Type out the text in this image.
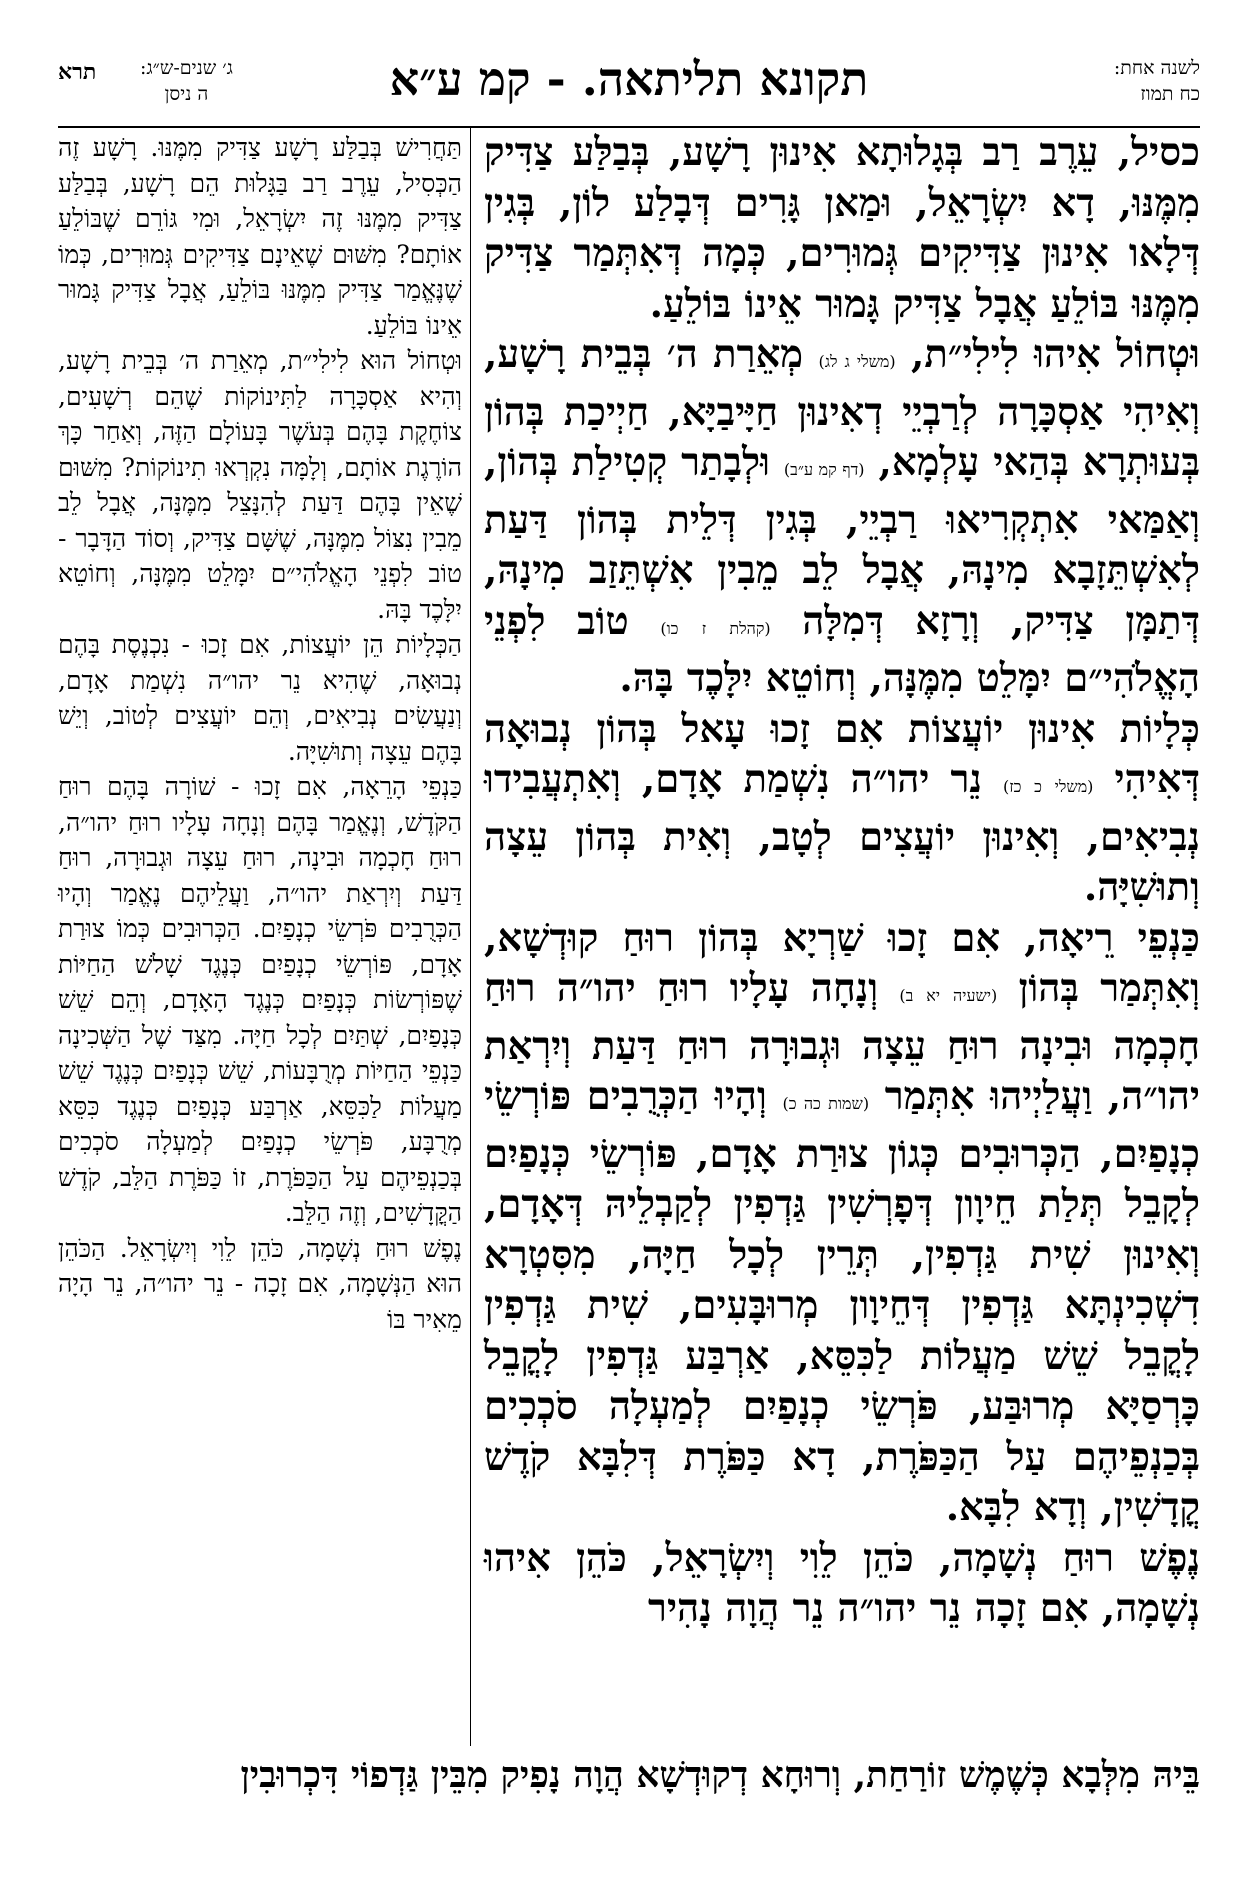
תרא ג׳ שנים-ש״ג:
ה ניסן	תקונא תליתאה. - קמ ע״א	לשנה אחת:
כח תמוז

כסיל, עֵרֶב רַב בְּגָלוּתָא אִינוּן רָשָׁע, בְּבַלַּע צַדִּיק מִמֶּנּוּ, דָא יִשְׂרָאֵל, וּמַאן גָּרִים דְּבָלַע לוֹן, בְּגִין דְּלָאו אִינוּן צַדִּיקִים גְּמוּרִים, כְּמָה דְּאִתְּמַר צַדִּיק מִמֶּנּוּ בּוֹלֵעַ אֲבָל צַדִּיק גָּמוּר אֵינוֹ בּוֹלֵעַ.

וּטְחוֹל אִיהוּ לִילִי״ת, (משלי ג לג) מְאֵרַת ה׳ בְּבֵית רָשָׁע, וְאִיהִי אַסְכָּרָה לְרַבְיֵי דְאִינוּן חַיָּיבַיָּא, חַיְיכַת בְּהוֹן בְּעוּתְרָא בְּהַאי עָלְמָא, (דף קמ ע״ב) וּלְבָתַר קְטִילַת בְּהוֹן, וְאַמַּאי אִתְקְרִיאוּ רַבְיֵי, בְּגִין דְּלֵית בְּהוֹן דַּעַת לְאִשְׁתֵּזָבָא מִינָהּ, אֲבָל לֵב מֵבִין אִשְׁתֵּזַב מִינָהּ, דְּתַמָּן צַדִּיק, וְרָזָא דְּמִלָּה (קהלת ז כו) טוֹב לִפְנֵי הָאֱלֹהִי״ם יִמָּלֵט מִמֶּנָּה, וְחוֹטֵא יִלָּכֶד בָּהּ.

כְּלָיוֹת אִינוּן יוֹעֲצוֹת אִם זָכוּ עָאל בְּהוֹן נְבוּאָה דְּאִיהִי (משלי כ כז) נֵר יהו״ה נִשְׁמַת אָדָם, וְאִתְעֲבִידוּ נְבִיאִים, וְאִינוּן יוֹעֲצִים לְטָב, וְאִית בְּהוֹן עֵצָה וְתוּשִׁיָּה.

כַּנְפֵי רֵיאָה, אִם זָכוּ שַׁרְיָא בְּהוֹן רוּחַ קוּדְשָׁא, וְאִתְּמַר בְּהוֹן (ישעיה יא ב) וְנָחָה עָלָיו רוּחַ יהו״ה רוּחַ חָכְמָה וּבִינָה רוּחַ עֵצָה וּגְבוּרָה רוּחַ דַּעַת וְיִרְאַת יהו״ה, וַעֲלַיְיהוּ אִתְּמַר (שמות כה כ) וְהָיוּ הַכְּרֻבִים פּוֹרְשֵׂי כְנָפַיִם, הַכְּרוּבִים כְּגוֹן צוּרַת אָדָם, פּוֹרְשֵׂי כְּנָפַיִם לְקָבֵל תְּלַת חֵיוָון דְּפָרְשִׁין גַּדְפִין לְקַבְלֵיהּ דְּאָדָם, וְאִינוּן שִׁית גַּדְפִין, תְּרֵין לְכָל חַיָּה, מִסִּטְרָא דִשְׁכִינְתָּא גַּדְפִין דְּחֵיוָון מְרוּבָּעִים, שִׁית גַּדְפִין לָקֳבֵל שֵׁשׁ מַעֲלוֹת לַכִּסֵּא, אַרְבַּע גַּדְפִין לָקֳבֵל כָּרְסַיָּא מְרוּבַּע, פֹּרְשֵׂי כְנָפַיִם לְמַעְלָה סֹכְכִים בְּכַנְפֵיהֶם עַל הַכַּפֹּרֶת, דָא כַּפֹּרֶת דְּלִבָּא קֹדֶשׁ קֳדָשִׁין, וְדָא לִבָּא.

נֶפֶשׁ רוּחַ נְשָׁמָה, כֹּהֵן לֵוִי וְיִשְׂרָאֵל, כֹּהֵן אִיהוּ נְשָׁמָה, אִם זָכָה נֵר יהו״ה נֵר הֲוָה נָהִיר

תַּחֲרִישׁ בְּבַלַּע רָשָׁע צַדִּיק מִמֶּנּוּ. רָשָׁע זֶה הַכְּסִיל, עֵרֶב רַב בַּגָּלוּת הֵם רָשָׁע, בְּבַלַּע צַדִּיק מִמֶּנּוּ זֶה יִשְׂרָאֵל, וּמִי גּוֹרֵם שֶׁבּוֹלֵעַ אוֹתָם? מִשּׁוּם שֶׁאֵינָם צַדִּיקִים גְּמוּרִים, כְּמוֹ שֶׁנֶּאֱמַר צַדִּיק מִמֶּנּוּ בּוֹלֵעַ, אֲבָל צַדִּיק גָּמוּר אֵינוֹ בּוֹלֵעַ.

וּטְחוֹל הוּא לִילִי״ת, מְאֵרַת ה׳ בְּבֵית רָשָׁע, וְהִיא אַסְכָּרָה לַתִּינוֹקוֹת שֶׁהֵם רְשָׁעִים, צוֹחֶקֶת בָּהֶם בְּעֹשֶׁר בָּעוֹלָם הַזֶּה, וְאַחַר כָּךְ הוֹרֶגֶת אוֹתָם, וְלָמָּה נִקְרְאוּ תִינוֹקוֹת? מִשּׁוּם שֶׁאֵין בָּהֶם דַּעַת לְהִנָּצֵל מִמֶּנָּה, אֲבָל לֵב מֵבִין נִצּוֹל מִמֶּנָּה, שֶׁשָּׁם צַדִּיק, וְסוֹד הַדָּבָר - טוֹב לִפְנֵי הָאֱלֹהִי״ם יִמָּלֵט מִמֶּנָּה, וְחוֹטֵא יִלָּכֶד בָּהּ.

הַכְּלָיוֹת הֵן יוֹעֲצוֹת, אִם זָכוּ - נִכְנֶסֶת בָּהֶם נְבוּאָה, שֶׁהִיא נֵר יהו״ה נִשְׁמַת אָדָם, וְנַעֲשִׂים נְבִיאִים, וְהֵם יוֹעֲצִים לְטוֹב, וְיֵשׁ בָּהֶם עֵצָה וְתוּשִׁיָּה.

כַּנְפֵי הָרֵאָה, אִם זָכוּ - שׁוֹרָה בָּהֶם רוּחַ הַקֹּדֶשׁ, וְנֶאֱמַר בָּהֶם וְנָחָה עָלָיו רוּחַ יהו״ה, רוּחַ חָכְמָה וּבִינָה, רוּחַ עֵצָה וּגְבוּרָה, רוּחַ דַּעַת וְיִרְאַת יהו״ה, וַעֲלֵיהֶם נֶאֱמַר וְהָיוּ הַכְּרֻבִים פֹּרְשֵׂי כְנָפַיִם. הַכְּרוּבִים כְּמוֹ צוּרַת אָדָם, פּוֹרְשֵׂי כְנָפַיִם כְּנֶגֶד שָׁלֹשׁ הַחַיּוֹת שֶׁפּוֹרְשׂוֹת כְּנָפַיִם כְּנֶגֶד הָאָדָם, וְהֵם שֵׁשׁ כְּנָפַיִם, שְׁתַּיִם לְכָל חַיָּה. מִצַּד שֶׁל הַשְּׁכִינָה כַּנְפֵי הַחַיּוֹת מְרֻבָּעוֹת, שֵׁשׁ כְּנָפַיִם כְּנֶגֶד שֵׁשׁ מַעֲלוֹת לַכִּסֵּא, אַרְבַּע כְּנָפַיִם כְּנֶגֶד כִּסֵּא מְרֻבָּע, פֹּרְשֵׂי כְנָפַיִם לְמַעְלָה סֹכְכִים בְּכַנְפֵיהֶם עַל הַכַּפֹּרֶת, זוֹ כַּפֹּרֶת הַלֵּב, קֹדֶשׁ הַקֳּדָשִׁים, וְזֶה הַלֵּב.

נֶפֶשׁ רוּחַ נְשָׁמָה, כֹּהֵן לֵוִי וְיִשְׂרָאֵל. הַכֹּהֵן הוּא הַנְּשָׁמָה, אִם זָכָה - נֵר יהו״ה, נֵר הָיָה מֵאִיר בּוֹ

בֵּיהּ מִלְּבָא כְּשֶׁמֶשׁ זוֹרַחַת, וְרוּחָא דְקוּדְשָׁא הֲוָה נָפִיק מִבֵּין גַּדְפוֹי דִּכְרוּבִין
